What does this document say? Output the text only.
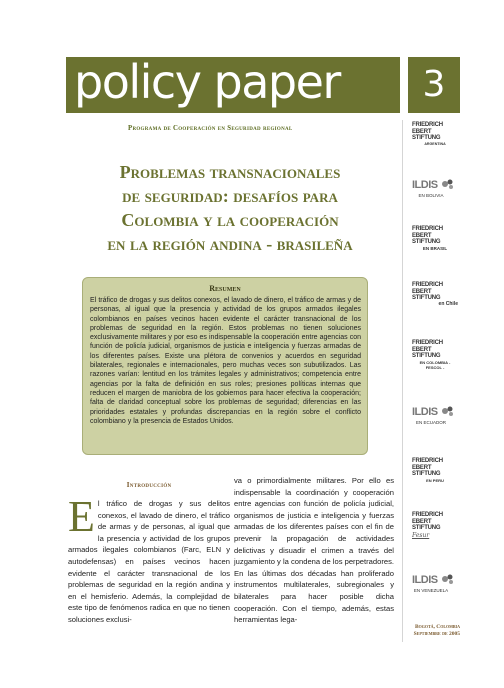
policy paper	3
Programa de Cooperación en Seguridad regional
Problemas transnacionales
de seguridad: desafíos para
Colombia y la cooperación
en la región andina - brasileña
Resumen
El tráfico de drogas y sus delitos conexos, el lavado de dinero, el tráfico de armas y de personas, al igual que la presencia y actividad de los grupos armados ilegales colombianos en países vecinos hacen evidente el carácter transnacional de los problemas de seguridad en la región. Estos problemas no tienen soluciones exclusivamente militares y por eso es indispensable la cooperación entre agencias con función de policía judicial, organismos de justicia e inteligencia y fuerzas armadas de los diferentes países. Existe una plétora de convenios y acuerdos en seguridad bilaterales, regionales e internacionales, pero muchas veces son subutilizados. Las razones varían: lentitud en los trámites legales y administrativos; competencia entre agencias por la falta de definición en sus roles; presiones políticas internas que reducen el margen de maniobra de los gobiernos para hacer efectiva la cooperación; falta de claridad conceptual sobre los problemas de seguridad; diferencias en las prioridades estatales y profundas discrepancias en la región sobre el conflicto colombiano y la presencia de Estados Unidos.
Introducción
E l tráfico de drogas y sus delitos conexos, el lavado de dinero, el tráfico de armas y de personas, al igual que la presencia y actividad de los grupos armados ilegales colombianos (Farc, ELN y autodefensas) en países vecinos hacen evidente el carácter transnacional de los problemas de seguridad en la región andina y en el hemisferio. Además, la complejidad de este tipo de fenómenos radica en que no tienen soluciones exclusi-
va o primordialmente militares. Por ello es indispensable la coordinación y cooperación entre agencias con función de policía judicial, organismos de justicia e inteligencia y fuerzas armadas de los diferentes países con el fin de prevenir la propagación de actividades delictivas y disuadir el crimen a través del juzgamiento y la condena de los perpetradores. En las últimas dos décadas han proliferado instrumentos multilaterales, subregionales y bilaterales para hacer posible dicha cooperación. Con el tiempo, además, estas herramientas lega-
FRIEDRICH
EBERT
STIFTUNG
ARGENTINA
ILDIS
EN BOLIVIA
FRIEDRICH
EBERT
STIFTUNG
EN BRASIL
FRIEDRICH
EBERT
STIFTUNG
en Chile
FRIEDRICH
EBERT
STIFTUNG
EN COLOMBIA - FESCOL -
ILDIS
EN ECUADOR
FRIEDRICH
EBERT
STIFTUNG
EN PERU
FRIEDRICH
EBERT
STIFTUNG
Fesur
ILDIS
EN VENEZUELA
Bogotá, Colombia
Septiembre de 2005
